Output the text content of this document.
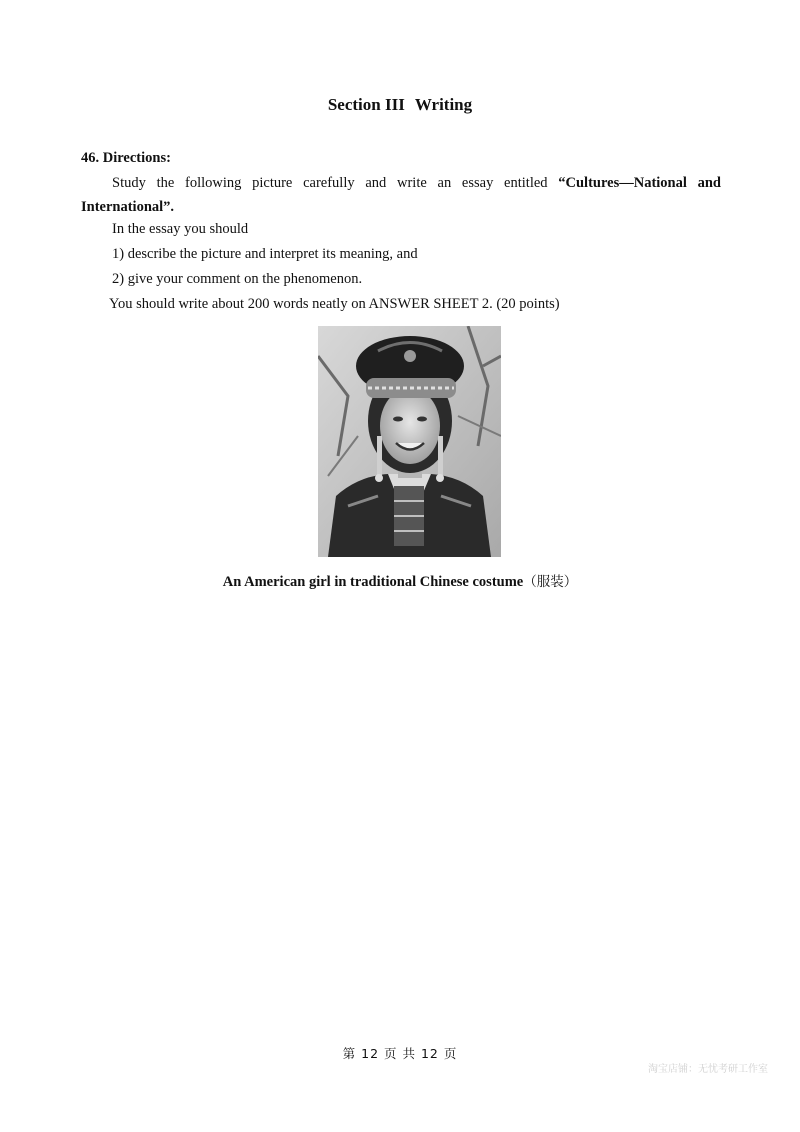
Section III Writing
46. Directions:
Study the following picture carefully and write an essay entitled “Cultures—National and International”.
In the essay you should
1) describe the picture and interpret its meaning, and
2) give your comment on the phenomenon.
You should write about 200 words neatly on ANSWER SHEET 2. (20 points)
An American girl in traditional Chinese costume（服装）
第 12 页 共 12 页
淘宝店铺：无忧考研工作室
